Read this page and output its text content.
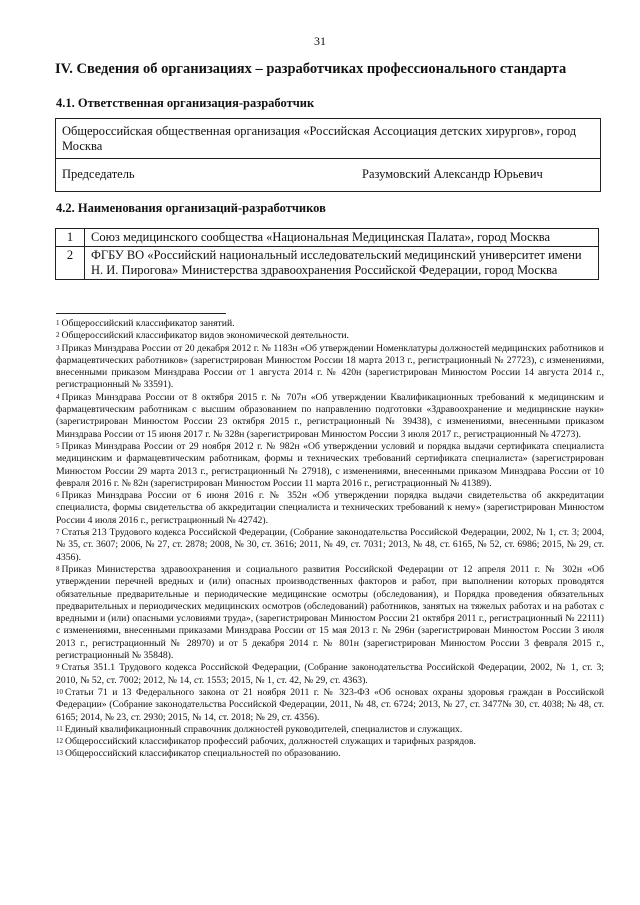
31
IV. Сведения об организациях – разработчиках профессионального стандарта
4.1. Ответственная организация-разработчик
Общероссийская общественная организация «Российская Ассоциация детских хирургов», город Москва
Председатель	Разумовский Александр Юрьевич
4.2. Наименования организаций-разработчиков
1	Союз медицинского сообщества «Национальная Медицинская Палата», город Москва
2	ФГБУ ВО «Российский национальный исследовательский медицинский университет имени Н. И. Пирогова» Министерства здравоохранения Российской Федерации, город Москва

$^1$ Общероссийский классификатор занятий.

$^2$ Общероссийский классификатор видов экономической деятельности.

$^3$ Приказ Минздрава России от 20 декабря 2012 г. № 1183н «Об утверждении Номенклатуры должностей медицинских работников и фармацевтических работников» (зарегистрирован Минюстом России 18 марта 2013 г., регистрационный № 27723), с изменениями, внесенными приказом Минздрава России от 1 августа 2014 г. № 420н (зарегистрирован Минюстом России 14 августа 2014 г., регистрационный № 33591).

$^4$ Приказ Минздрава России от 8 октября 2015 г. № 707н «Об утверждении Квалификационных требований к медицинским и фармацевтическим работникам с высшим образованием по направлению подготовки «Здравоохранение и медицинские науки» (зарегистрирован Минюстом России 23 октября 2015 г., регистрационный № 39438), с изменениями, внесенными приказом Минздрава России от 15 июня 2017 г. № 328н (зарегистрирован Минюстом России 3 июля 2017 г., регистрационный № 47273).

$^5$ Приказ Минздрава России от 29 ноября 2012 г. № 982н «Об утверждении условий и порядка выдачи сертификата специалиста медицинским и фармацевтическим работникам, формы и технических требований сертификата специалиста» (зарегистрирован Минюстом России 29 марта 2013 г., регистрационный № 27918), с изменениями, внесенными приказом Минздрава России от 10 февраля 2016 г. № 82н (зарегистрирован Минюстом России 11 марта 2016 г., регистрационный № 41389).

$^6$ Приказ Минздрава России от 6 июня 2016 г. № 352н «Об утверждении порядка выдачи свидетельства об аккредитации специалиста, формы свидетельства об аккредитации специалиста и технических требований к нему» (зарегистрирован Минюстом России 4 июля 2016 г., регистрационный № 42742).

$^7$ Статья 213 Трудового кодекса Российской Федерации, (Собрание законодательства Российской Федерации, 2002, № 1, ст. 3; 2004, № 35, ст. 3607; 2006, № 27, ст. 2878; 2008, № 30, ст. 3616; 2011, № 49, ст. 7031; 2013, № 48, ст. 6165, № 52, ст. 6986; 2015, № 29, ст. 4356).

$^8$ Приказ Министерства здравоохранения и социального развития Российской Федерации от 12 апреля 2011 г. № 302н «Об утверждении перечней вредных и (или) опасных производственных факторов и работ, при выполнении которых проводятся обязательные предварительные и периодические медицинские осмотры (обследования), и Порядка проведения обязательных предварительных и периодических медицинских осмотров (обследований) работников, занятых на тяжелых работах и на работах с вредными и (или) опасными условиями труда», (зарегистрирован Минюстом России 21 октября 2011 г., регистрационный № 22111) с изменениями, внесенными приказами Минздрава России от 15 мая 2013 г. № 296н (зарегистрирован Минюстом России 3 июля 2013 г., регистрационный № 28970) и от 5 декабря 2014 г. № 801н (зарегистрирован Минюстом России 3 февраля 2015 г., регистрационный № 35848).

$^9$ Статья 351.1 Трудового кодекса Российской Федерации, (Собрание законодательства Российской Федерации, 2002, № 1, ст. 3; 2010, № 52, ст. 7002; 2012, № 14, ст. 1553; 2015, № 1, ст. 42, № 29, ст. 4363).

$^{10}$ Статьи 71 и 13 Федерального закона от 21 ноября 2011 г. № 323-ФЗ «Об основах охраны здоровья граждан в Российской Федерации» (Собрание законодательства Российской Федерации, 2011, № 48, ст. 6724; 2013, № 27, ст. 3477№ 30, ст. 4038; № 48, ст. 6165; 2014, № 23, ст. 2930; 2015, № 14, ст. 2018; № 29, ст. 4356).

$^{11}$ Единый квалификационный справочник должностей руководителей, специалистов и служащих.

$^{12}$ Общероссийский классификатор профессий рабочих, должностей служащих и тарифных разрядов.

$^{13}$ Общероссийский классификатор специальностей по образованию.
